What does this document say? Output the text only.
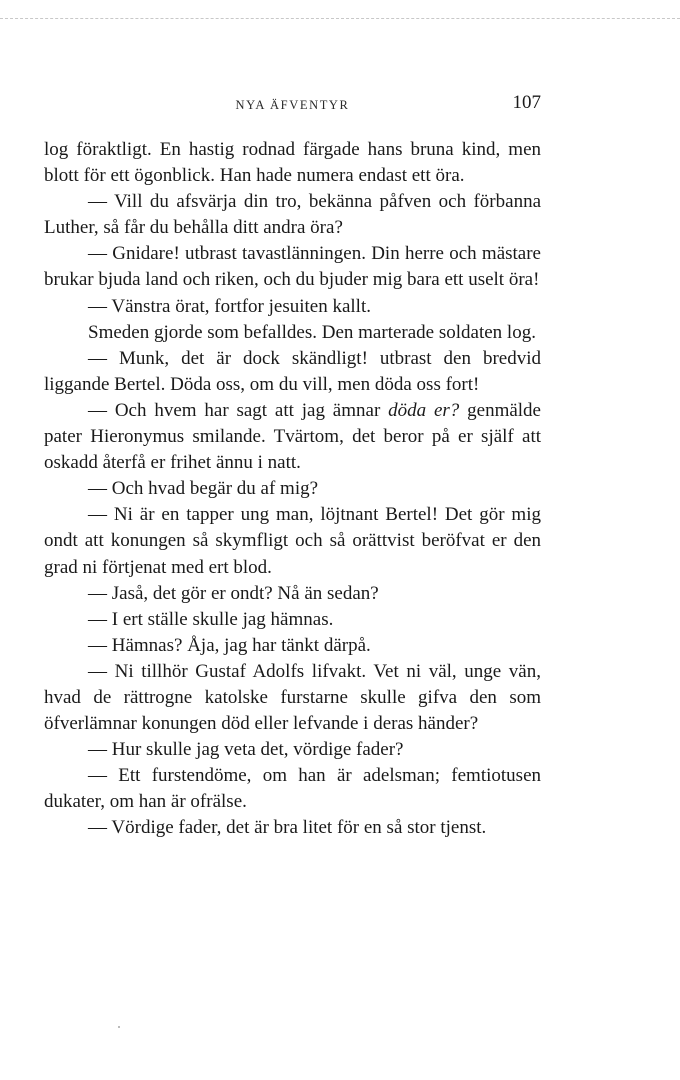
NYA ÄFVENTYR	107

log föraktligt. En hastig rodnad färgade hans bruna kind, men blott för ett ögonblick. Han hade numera endast ett öra.

— Vill du afsvärja din tro, bekänna påfven och förbanna Luther, så får du behålla ditt andra öra?

— Gnidare! utbrast tavastlänningen. Din herre och mästare brukar bjuda land och riken, och du bjuder mig bara ett uselt öra!

— Vänstra örat, fortfor jesuiten kallt.

Smeden gjorde som befalldes. Den marterade soldaten log.

— Munk, det är dock skändligt! utbrast den bredvid liggande Bertel. Döda oss, om du vill, men döda oss fort!

— Och hvem har sagt att jag ämnar döda er? genmälde pater Hieronymus smilande. Tvärtom, det beror på er själf att oskadd återfå er frihet ännu i natt.

— Och hvad begär du af mig?

— Ni är en tapper ung man, löjtnant Bertel! Det gör mig ondt att konungen så skymfligt och så orättvist beröfvat er den grad ni förtjenat med ert blod.

— Jaså, det gör er ondt? Nå än sedan?

— I ert ställe skulle jag hämnas.

— Hämnas? Åja, jag har tänkt därpå.

— Ni tillhör Gustaf Adolfs lifvakt. Vet ni väl, unge vän, hvad de rättrogne katolske furstarne skulle gifva den som öfverlämnar konungen död eller lefvande i deras händer?

— Hur skulle jag veta det, vördige fader?

— Ett furstendöme, om han är adelsman; femtiotusen dukater, om han är ofrälse.

— Vördige fader, det är bra litet för en så stor tjenst.
